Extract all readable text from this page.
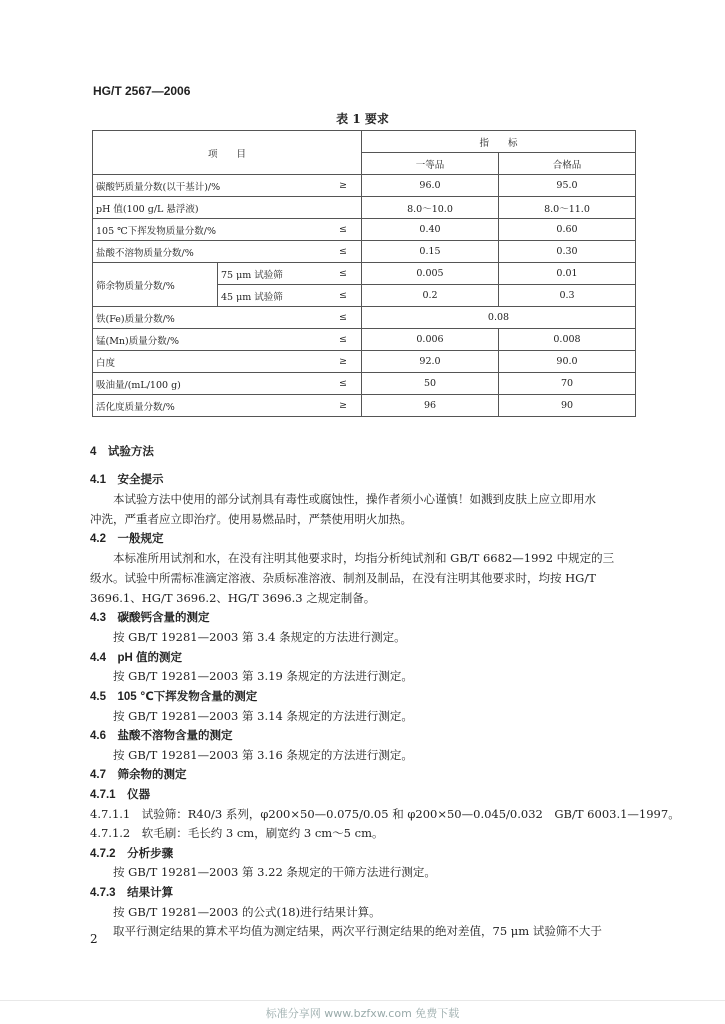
HG/T 2567—2006
表 1 要求
项　　目			指　　标	
			一等品	合格品
碳酸钙质量分数(以干基计)/%		≥	96.0	95.0
pH 值(100 g/L 悬浮液)			8.0～10.0	8.0～11.0
105 ℃下挥发物质量分数/%		≤	0.40	0.60
盐酸不溶物质量分数/%		≤	0.15	0.30
筛余物质量分数/%	75 μm 试验筛	≤	0.005	0.01
	45 μm 试验筛	≤	0.2	0.3
铁(Fe)质量分数/%		≤	0.08	
锰(Mn)质量分数/%		≤	0.006	0.008
白度		≥	92.0	90.0
吸油量/(mL/100 g)		≤	50	70
活化度质量分数/%		≥	96	90
4　试验方法
4.1　安全提示
本试验方法中使用的部分试剂具有毒性或腐蚀性，操作者须小心谨慎！如溅到皮肤上应立即用水
冲洗，严重者应立即治疗。使用易燃品时，严禁使用明火加热。
4.2　一般规定
本标准所用试剂和水，在没有注明其他要求时，均指分析纯试剂和 GB/T 6682—1992 中规定的三
级水。试验中所需标准滴定溶液、杂质标准溶液、制剂及制品，在没有注明其他要求时，均按 HG/T
3696.1、HG/T 3696.2、HG/T 3696.3 之规定制备。
4.3　碳酸钙含量的测定
按 GB/T 19281—2003 第 3.4 条规定的方法进行测定。
4.4　pH 值的测定
按 GB/T 19281—2003 第 3.19 条规定的方法进行测定。
4.5　105 ℃下挥发物含量的测定
按 GB/T 19281—2003 第 3.14 条规定的方法进行测定。
4.6　盐酸不溶物含量的测定
按 GB/T 19281—2003 第 3.16 条规定的方法进行测定。
4.7　筛余物的测定
4.7.1　仪器
4.7.1.1　试验筛：R40/3 系列，φ200×50—0.075/0.05 和 φ200×50—0.045/0.032　GB/T 6003.1—1997。
4.7.1.2　软毛刷：毛长约 3 cm，刷宽约 3 cm～5 cm。
4.7.2　分析步骤
按 GB/T 19281—2003 第 3.22 条规定的干筛方法进行测定。
4.7.3　结果计算
按 GB/T 19281—2003 的公式(18)进行结果计算。
取平行测定结果的算术平均值为测定结果，两次平行测定结果的绝对差值，75 μm 试验筛不大于
2
标准分享网 www.bzfxw.com 免费下载
